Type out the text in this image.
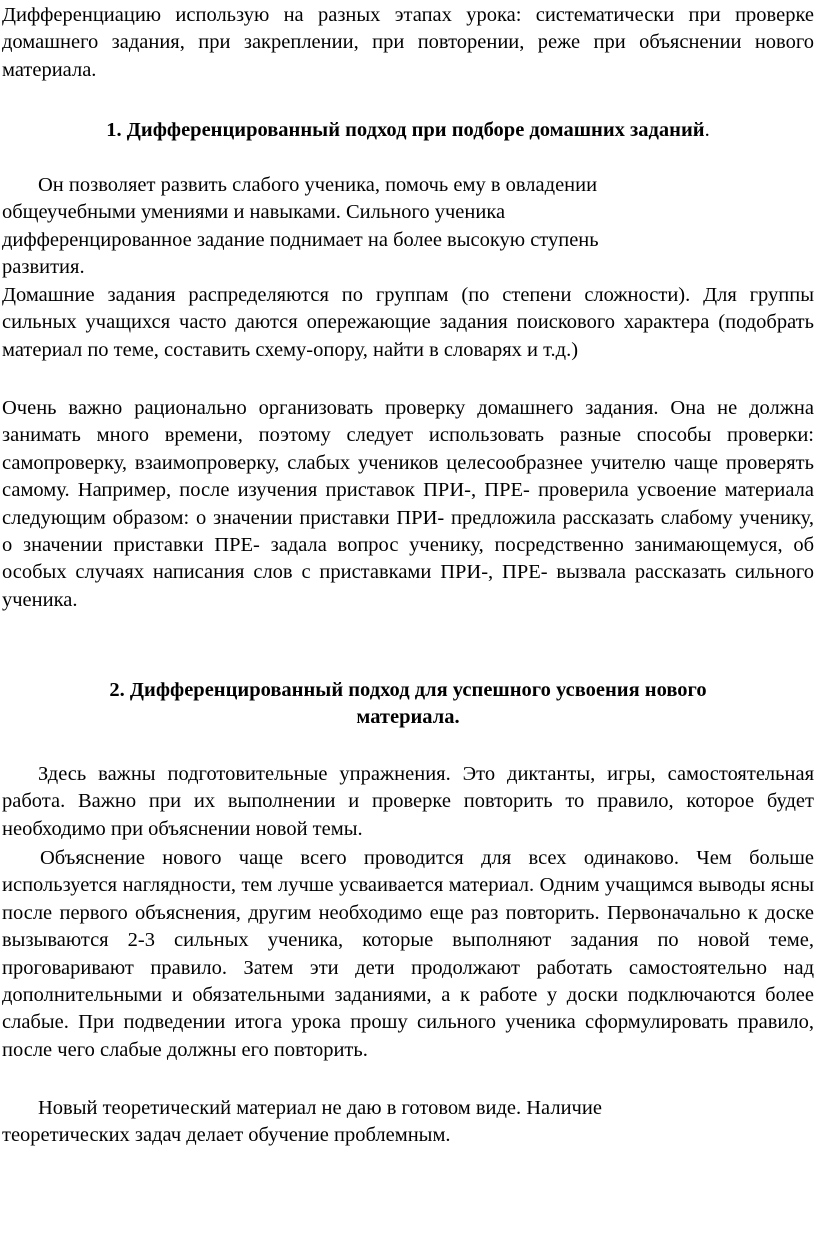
Дифференциацию использую на разных этапах урока: систематически при проверке домашнего задания, при закреплении, при повторении, реже при объяснении нового материала.

1. Дифференцированный подход при подборе домашних заданий.

Он позволяет развить слабого ученика, помочь ему в овладении
общеучебными умениями и навыками. Сильного ученика
дифференцированное задание поднимает на более высокую ступень
развития.

Домашние задания распределяются по группам (по степени сложности). Для группы сильных учащихся часто даются опережающие задания поискового характера (подобрать материал по теме, составить схему-опору, найти в словарях и т.д.)

Очень важно рационально организовать проверку домашнего задания. Она не должна занимать много времени, поэтому следует использовать разные способы проверки: самопроверку, взаимопроверку, слабых учеников целесообразнее учителю чаще проверять самому. Например, после изучения приставок ПРИ-, ПРЕ- проверила усвоение материала следующим образом: о значении приставки ПРИ- предложила рассказать слабому ученику, о значении приставки ПРЕ- задала вопрос ученику, посредственно занимающемуся, об особых случаях написания слов с приставками ПРИ-, ПРЕ- вызвала рассказать сильного ученика.

2. Дифференцированный подход для успешного усвоения нового
материала.

Здесь важны подготовительные упражнения. Это диктанты, игры, самостоятельная работа. Важно при их выполнении и проверке повторить то правило, которое будет необходимо при объяснении новой темы.

Объяснение нового чаще всего проводится для всех одинаково. Чем больше используется наглядности, тем лучше усваивается материал. Одним учащимся выводы ясны после первого объяснения, другим необходимо еще раз повторить. Первоначально к доске вызываются 2-3 сильных ученика, которые выполняют задания по новой теме, проговаривают правило. Затем эти дети продолжают работать самостоятельно над дополнительными и обязательными заданиями, а к работе у доски подключаются более слабые. При подведении итога урока прошу сильного ученика сформулировать правило, после чего слабые должны его повторить.

Новый теоретический материал не даю в готовом виде. Наличие
теоретических задач делает обучение проблемным.
